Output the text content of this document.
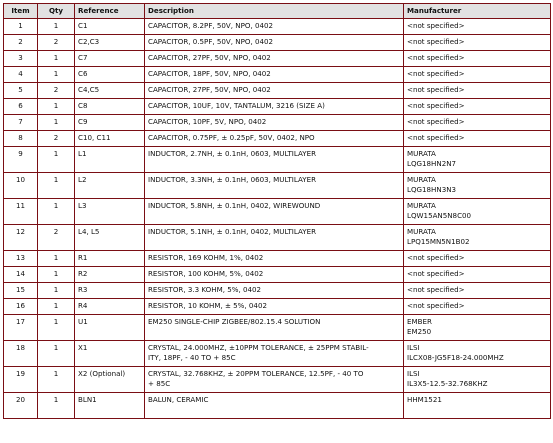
Item	Qty	Reference	Description	Manufacturer

1	1	C1	CAPACITOR, 8.2PF, 50V, NPO, 0402	<not specified>

2	2	C2,C3	CAPACITOR, 0.5PF, 50V, NPO, 0402	<not specified>

3	1	C7	CAPACITOR, 27PF, 50V, NPO, 0402	<not specified>

4	1	C6	CAPACITOR, 18PF, 50V, NPO, 0402	<not specified>

5	2	C4,C5	CAPACITOR, 27PF, 50V, NPO, 0402	<not specified>

6	1	C8	CAPACITOR, 10UF, 10V, TANTALUM, 3216 (SIZE A)	<not specified>

7	1	C9	CAPACITOR, 10PF, 5V, NPO, 0402	<not specified>

8	2	C10, C11	CAPACITOR, 0.75PF, ± 0.25pF, 50V, 0402, NPO	<not specified>

9	1	L1	INDUCTOR, 2.7NH, ± 0.1nH, 0603, MULTILAYER	MURATA
LQG18HN2N7

10	1	L2	INDUCTOR, 3.3NH, ± 0.1nH, 0603, MULTILAYER	MURATA
LQG18HN3N3

11	1	L3	INDUCTOR, 5.8NH, ± 0.1nH, 0402, WIREWOUND	MURATA
LQW15AN5N8C00

12	2	L4, L5	INDUCTOR, 5.1NH, ± 0.1nH, 0402, MULTILAYER	MURATA
LPQ15MN5N1B02

13	1	R1	RESISTOR, 169 KOHM, 1%, 0402	<not specified>

14	1	R2	RESISTOR, 100 KOHM, 5%, 0402	<not specified>

15	1	R3	RESISTOR, 3.3 KOHM, 5%, 0402	<not specified>

16	1	R4	RESISTOR, 10 KOHM, ± 5%, 0402	<not specified>

17	1	U1	EM250 SINGLE-CHIP ZIGBEE/802.15.4 SOLUTION	EMBER
EM250

18	1	X1	CRYSTAL, 24.000MHZ, ±10PPM TOLERANCE, ± 25PPM STABIL-
ITY, 18PF, - 40 TO + 85C	ILSI
ILCX08-JG5F18-24.000MHZ

19	1	X2 (Optional)	CRYSTAL, 32.768KHZ, ± 20PPM TOLERANCE, 12.5PF, - 40 TO
+ 85C	ILSI
IL3X5-12.5-32.768KHZ

20	1	BLN1	BALUN, CERAMIC	HHM1521
